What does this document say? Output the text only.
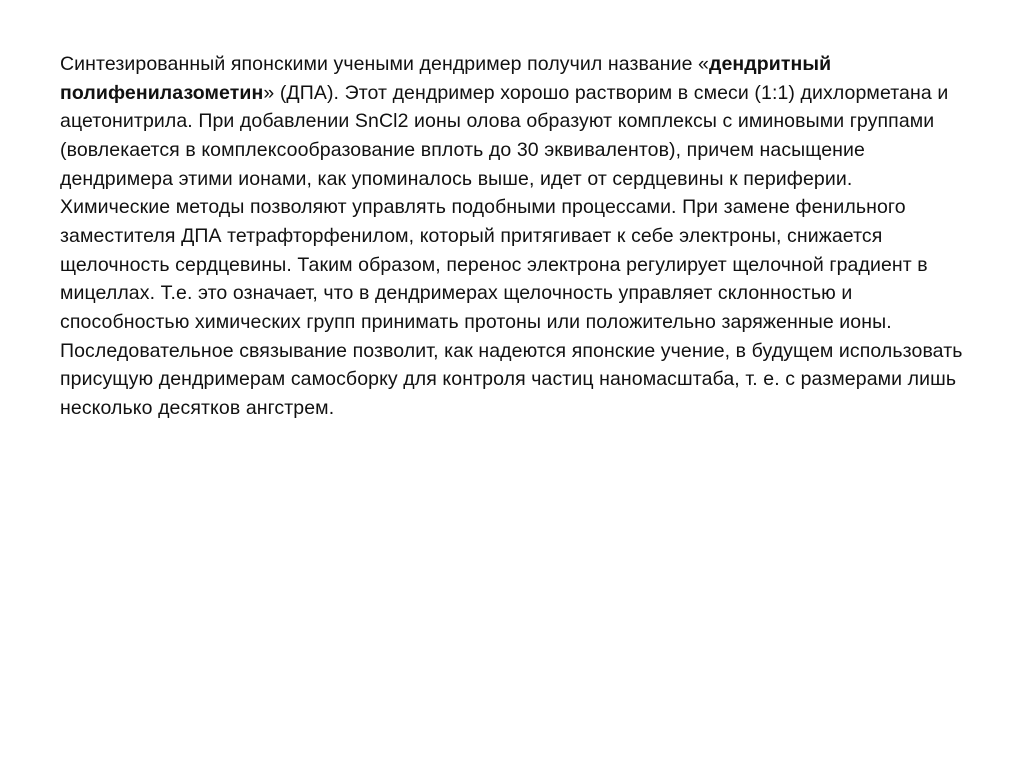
Синтезированный японскими учеными дендример получил название «дендритный полифенилазометин» (ДПА). Этот дендример хорошо растворим в смеси (1:1) дихлорметана и ацетонитрила. При добавлении SnCl2 ионы олова образуют комплексы с иминовыми группами (вовлекается в комплексообразование вплоть до 30 эквивалентов), причем насыщение дендримера этими ионами, как упоминалось выше, идет от сердцевины к периферии.

Химические методы позволяют управлять подобными процессами. При замене фенильного заместителя ДПА тетрафторфенилом, который притягивает к себе электроны, снижается щелочность сердцевины. Таким образом, перенос электрона регулирует щелочной градиент в мицеллах. Т.е. это означает, что в дендримерах щелочность управляет склонностью и способностью химических групп принимать протоны или положительно заряженные ионы.

Последовательное связывание позволит, как надеются японские учение, в будущем использовать присущую дендримерам самосборку для контроля частиц наномасштаба, т. е. с размерами лишь несколько десятков ангстрем.
